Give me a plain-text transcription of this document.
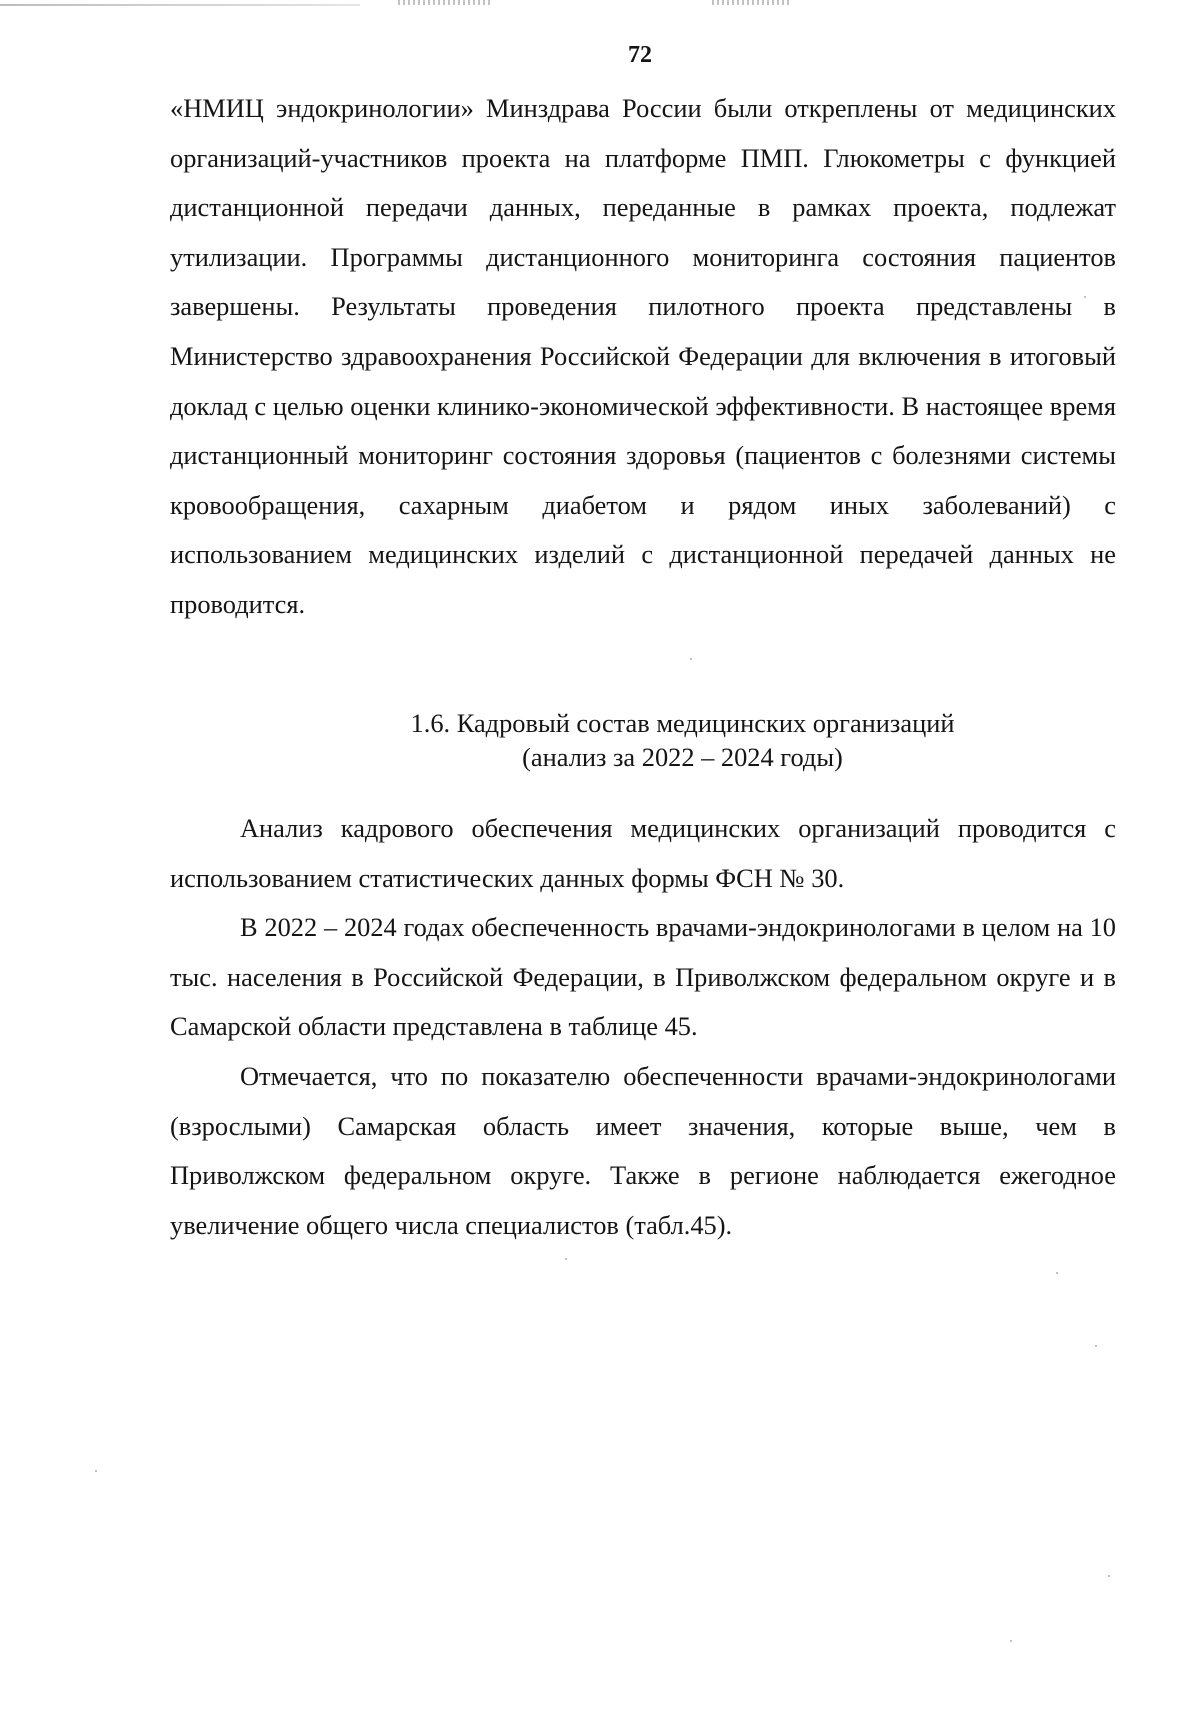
72

«НМИЦ эндокринологии» Минздрава России были откреплены от медицинских организаций-участников проекта на платформе ПМП. Глюкометры с функцией дистанционной передачи данных, переданные в рамках проекта, подлежат утилизации. Программы дистанционного мониторинга состояния пациентов завершены. Результаты проведения пилотного проекта представлены в Министерство здравоохранения Российской Федерации для включения в итоговый доклад с целью оценки клинико-экономической эффективности. В настоящее время дистанционный мониторинг состояния здоровья (пациентов с болезнями системы кровообращения, сахарным диабетом и рядом иных заболеваний) с использованием медицинских изделий с дистанционной передачей данных не проводится.

1.6. Кадровый состав медицинских организаций
(анализ за 2022 – 2024 годы)

Анализ кадрового обеспечения медицинских организаций проводится с использованием статистических данных формы ФСН № 30.

В 2022 – 2024 годах обеспеченность врачами-эндокринологами в целом на 10 тыс. населения в Российской Федерации, в Приволжском федеральном округе и в Самарской области представлена в таблице 45.

Отмечается, что по показателю обеспеченности врачами-эндокринологами (взрослыми) Самарская область имеет значения, которые выше, чем в Приволжском федеральном округе. Также в регионе наблюдается ежегодное увеличение общего числа специалистов (табл.45).
